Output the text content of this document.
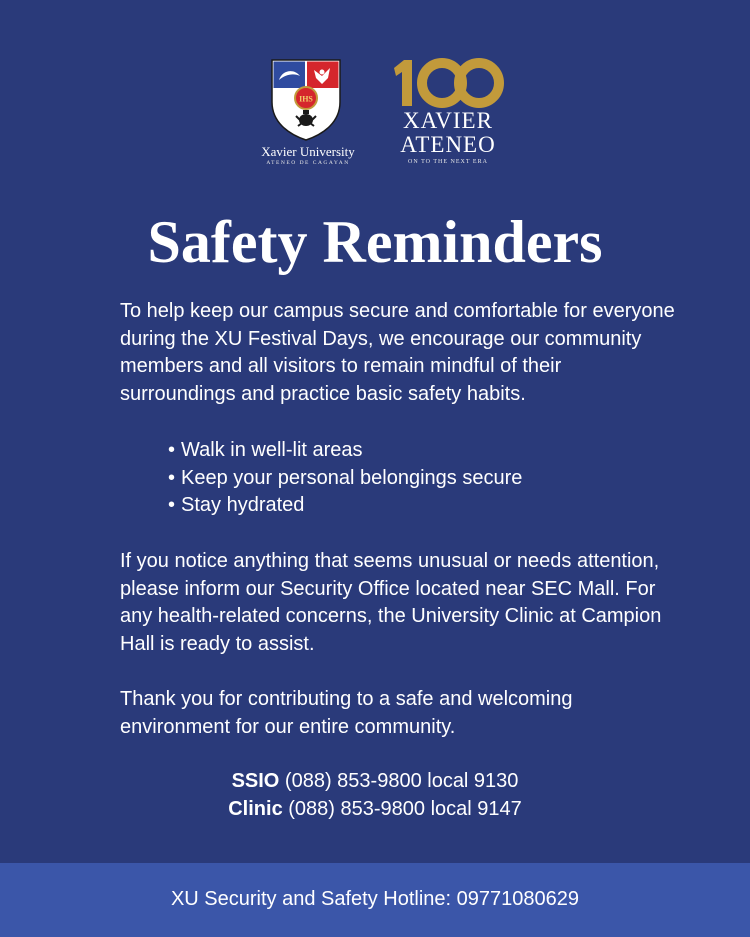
IHS
Xavier University
ATENEO DE CAGAYAN
XAVIER
ATENEO
ON TO THE NEXT ERA
Safety Reminders

To help keep our campus secure and comfortable for everyone during the XU Festival Days, we encourage our community members and all visitors to remain mindful of their surroundings and practice basic safety habits.

• Walk in well-lit areas
• Keep your personal belongings secure
• Stay hydrated

If you notice anything that seems unusual or needs attention, please inform our Security Office located near SEC Mall. For any health-related concerns, the University Clinic at Campion Hall is ready to assist.

Thank you for contributing to a safe and welcoming environment for our entire community.

SSIO (088) 853-9800 local 9130
Clinic (088) 853-9800 local 9147
XU Security and Safety Hotline: 09771080629
